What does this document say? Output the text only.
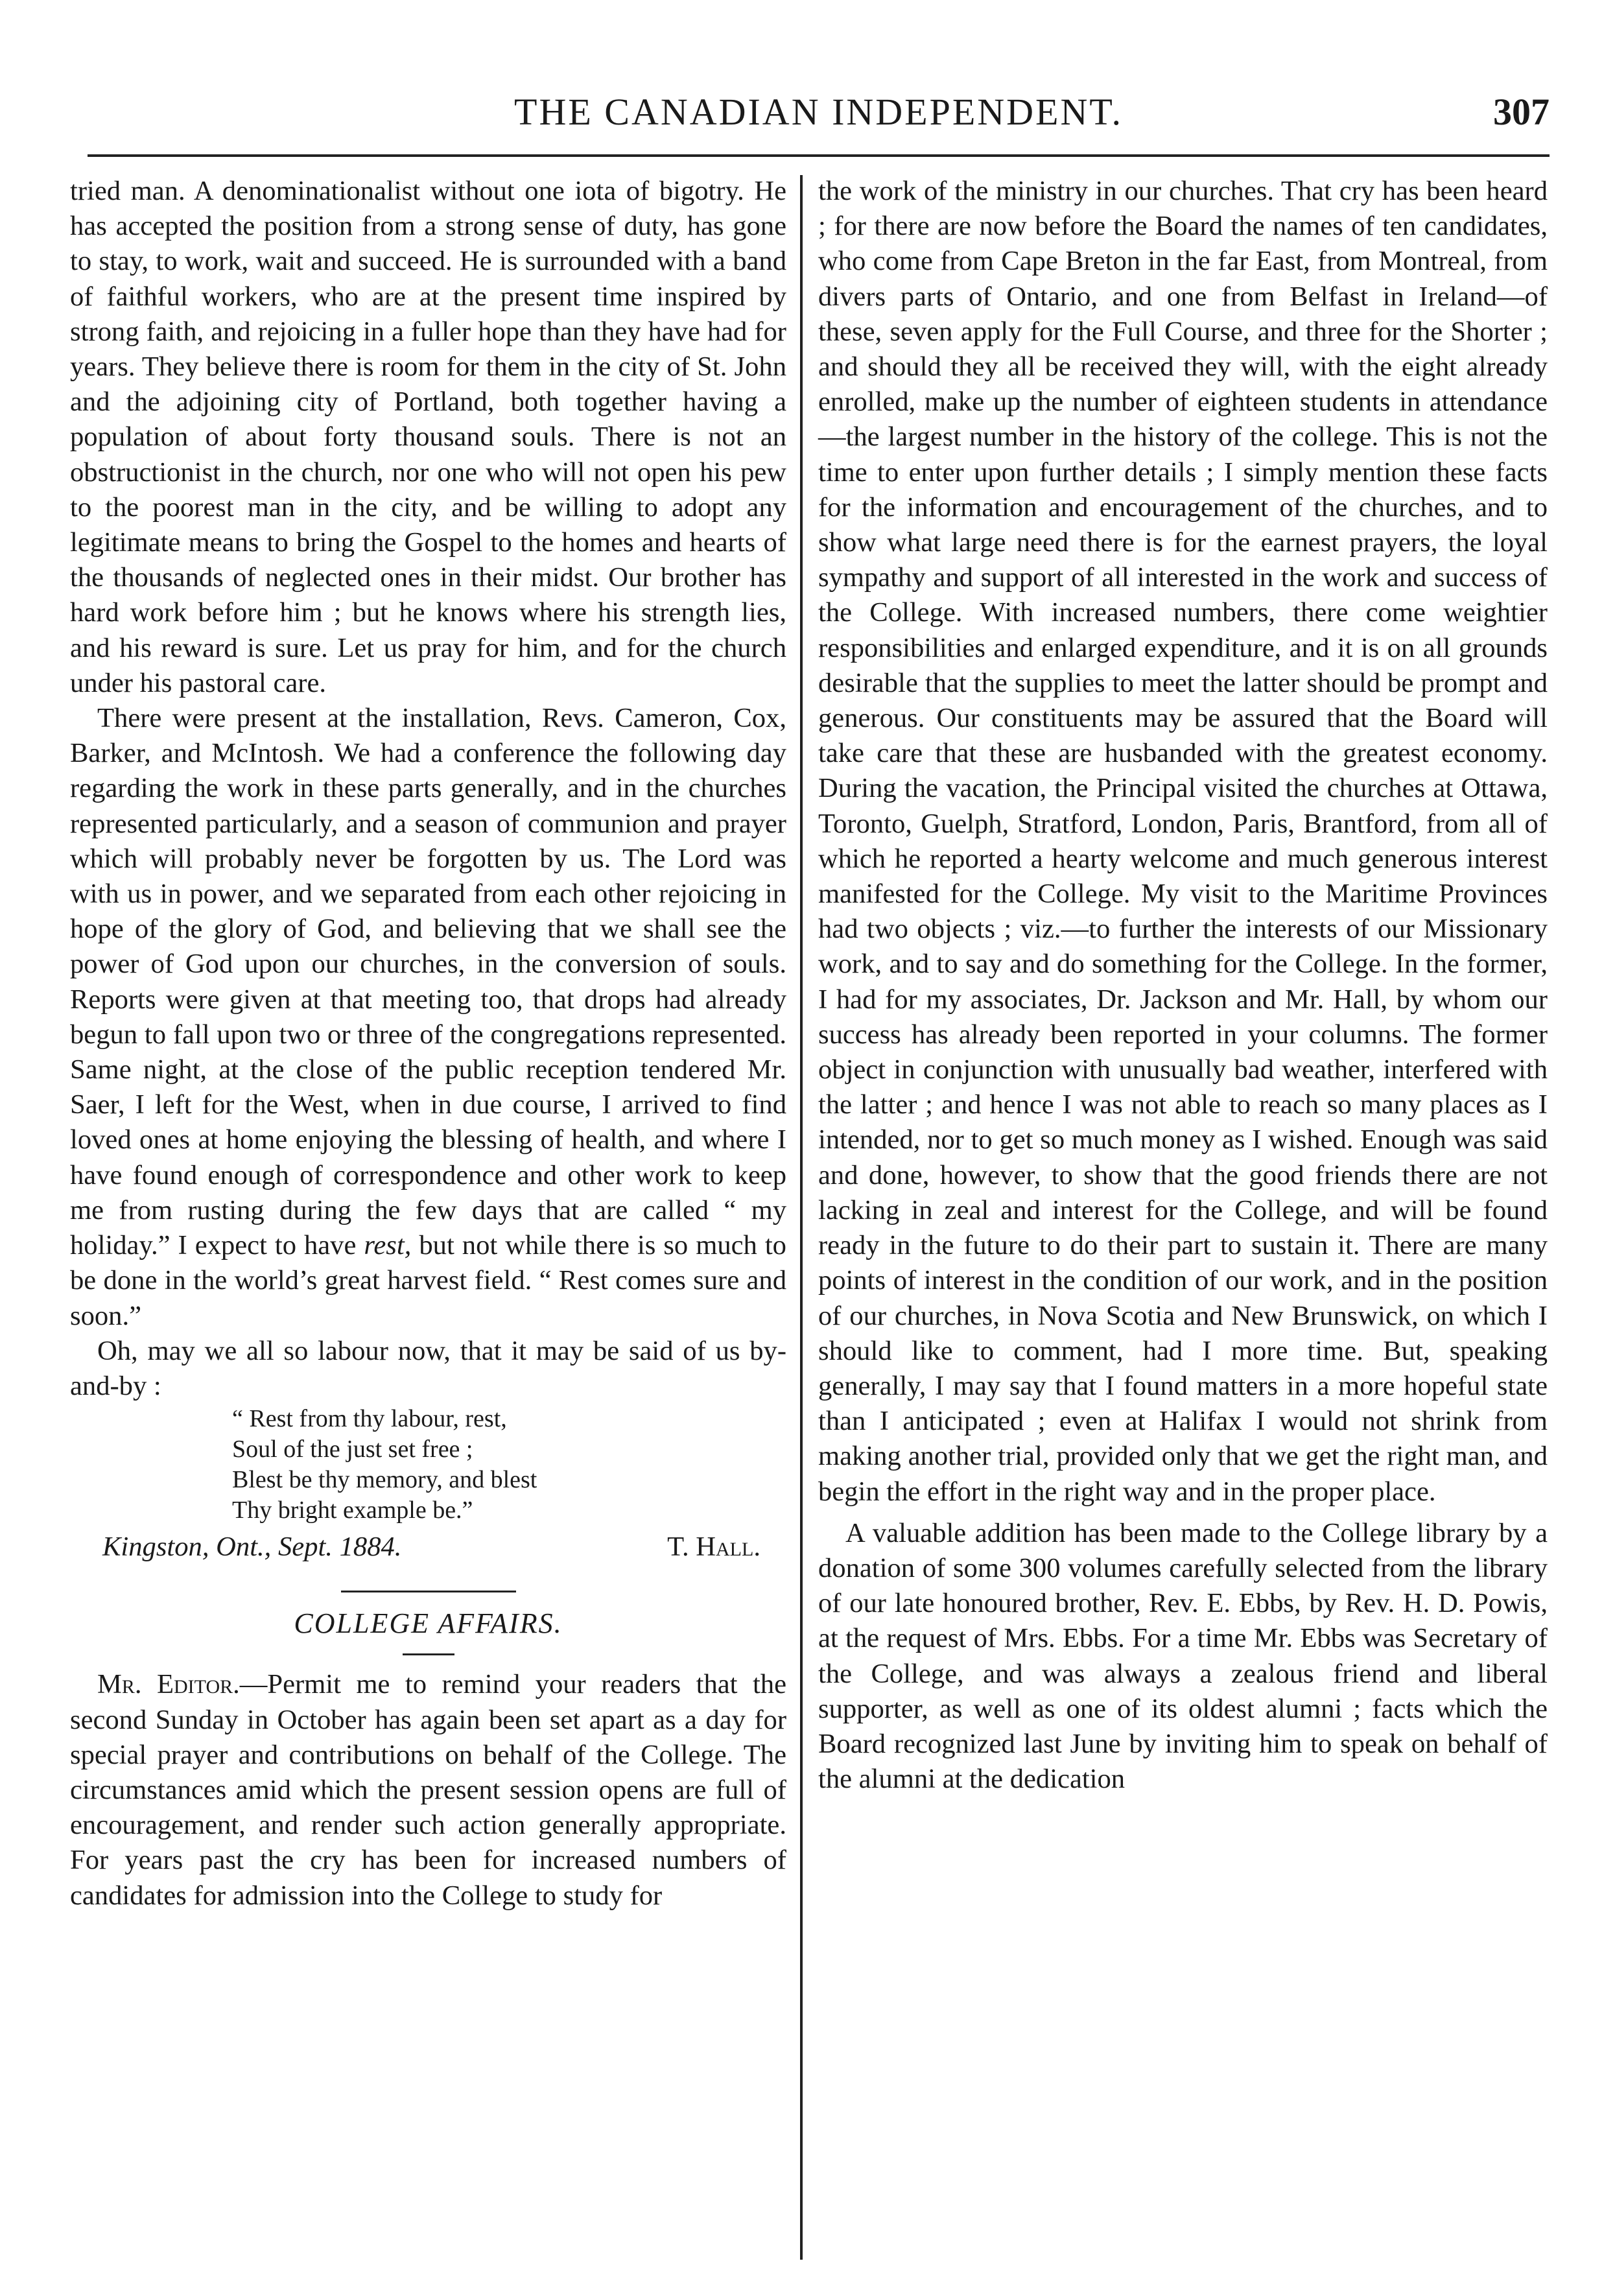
THE CANADIAN INDEPENDENT.	307

tried man. A denominationalist without one iota of bigotry. He has accepted the position from a strong sense of duty, has gone to stay, to work, wait and succeed. He is surrounded with a band of faithful workers, who are at the present time inspired by strong faith, and rejoicing in a fuller hope than they have had for years. They believe there is room for them in the city of St. John and the adjoining city of Portland, both together having a population of about forty thousand souls. There is not an obstructionist in the church, nor one who will not open his pew to the poorest man in the city, and be willing to adopt any legitimate means to bring the Gospel to the homes and hearts of the thousands of neglected ones in their midst. Our brother has hard work before him ; but he knows where his strength lies, and his reward is sure. Let us pray for him, and for the church under his pastoral care.

There were present at the installation, Revs. Cameron, Cox, Barker, and McIntosh. We had a conference the following day regarding the work in these parts generally, and in the churches represented particularly, and a season of communion and prayer which will probably never be forgotten by us. The Lord was with us in power, and we separated from each other rejoicing in hope of the glory of God, and believing that we shall see the power of God upon our churches, in the conversion of souls. Reports were given at that meeting too, that drops had already begun to fall upon two or three of the congregations represented. Same night, at the close of the public reception tendered Mr. Saer, I left for the West, when in due course, I arrived to find loved ones at home enjoying the blessing of health, and where I have found enough of correspondence and other work to keep me from rusting during the few days that are called “ my holiday.” I expect to have rest, but not while there is so much to be done in the world’s great harvest field. “ Rest comes sure and soon.”

Oh, may we all so labour now, that it may be said of us by-and-by :

“ Rest from thy labour, rest,
Soul of the just set free ;
Blest be thy memory, and blest
Thy bright example be.”
Kingston, Ont., Sept. 1884.	T. Hall.
COLLEGE AFFAIRS.

Mr. Editor.—Permit me to remind your readers that the second Sunday in October has again been set apart as a day for special prayer and contributions on behalf of the College. The circumstances amid which the present session opens are full of encouragement, and render such action generally appropriate. For years past the cry has been for increased numbers of candidates for admission into the College to study for

the work of the ministry in our churches. That cry has been heard ; for there are now before the Board the names of ten candidates, who come from Cape Breton in the far East, from Montreal, from divers parts of Ontario, and one from Belfast in Ireland—of these, seven apply for the Full Course, and three for the Shorter ; and should they all be received they will, with the eight already enrolled, make up the number of eighteen students in attendance—the largest number in the history of the college. This is not the time to enter upon further details ; I simply mention these facts for the information and encouragement of the churches, and to show what large need there is for the earnest prayers, the loyal sympathy and support of all interested in the work and success of the College. With increased numbers, there come weightier responsibilities and enlarged expenditure, and it is on all grounds desirable that the supplies to meet the latter should be prompt and generous. Our constituents may be assured that the Board will take care that these are husbanded with the greatest economy. During the vacation, the Principal visited the churches at Ottawa, Toronto, Guelph, Stratford, London, Paris, Brantford, from all of which he reported a hearty welcome and much generous interest manifested for the College. My visit to the Maritime Provinces had two objects ; viz.—to further the interests of our Missionary work, and to say and do something for the College. In the former, I had for my associates, Dr. Jackson and Mr. Hall, by whom our success has already been reported in your columns. The former object in conjunction with unusually bad weather, interfered with the latter ; and hence I was not able to reach so many places as I intended, nor to get so much money as I wished. Enough was said and done, however, to show that the good friends there are not lacking in zeal and interest for the College, and will be found ready in the future to do their part to sustain it. There are many points of interest in the condition of our work, and in the position of our churches, in Nova Scotia and New Brunswick, on which I should like to comment, had I more time. But, speaking generally, I may say that I found matters in a more hopeful state than I anticipated ; even at Halifax I would not shrink from making another trial, provided only that we get the right man, and begin the effort in the right way and in the proper place.

A valuable addition has been made to the College library by a donation of some 300 volumes carefully selected from the library of our late honoured brother, Rev. E. Ebbs, by Rev. H. D. Powis, at the request of Mrs. Ebbs. For a time Mr. Ebbs was Secretary of the College, and was always a zealous friend and liberal supporter, as well as one of its oldest alumni ; facts which the Board recognized last June by inviting him to speak on behalf of the alumni at the dedication
